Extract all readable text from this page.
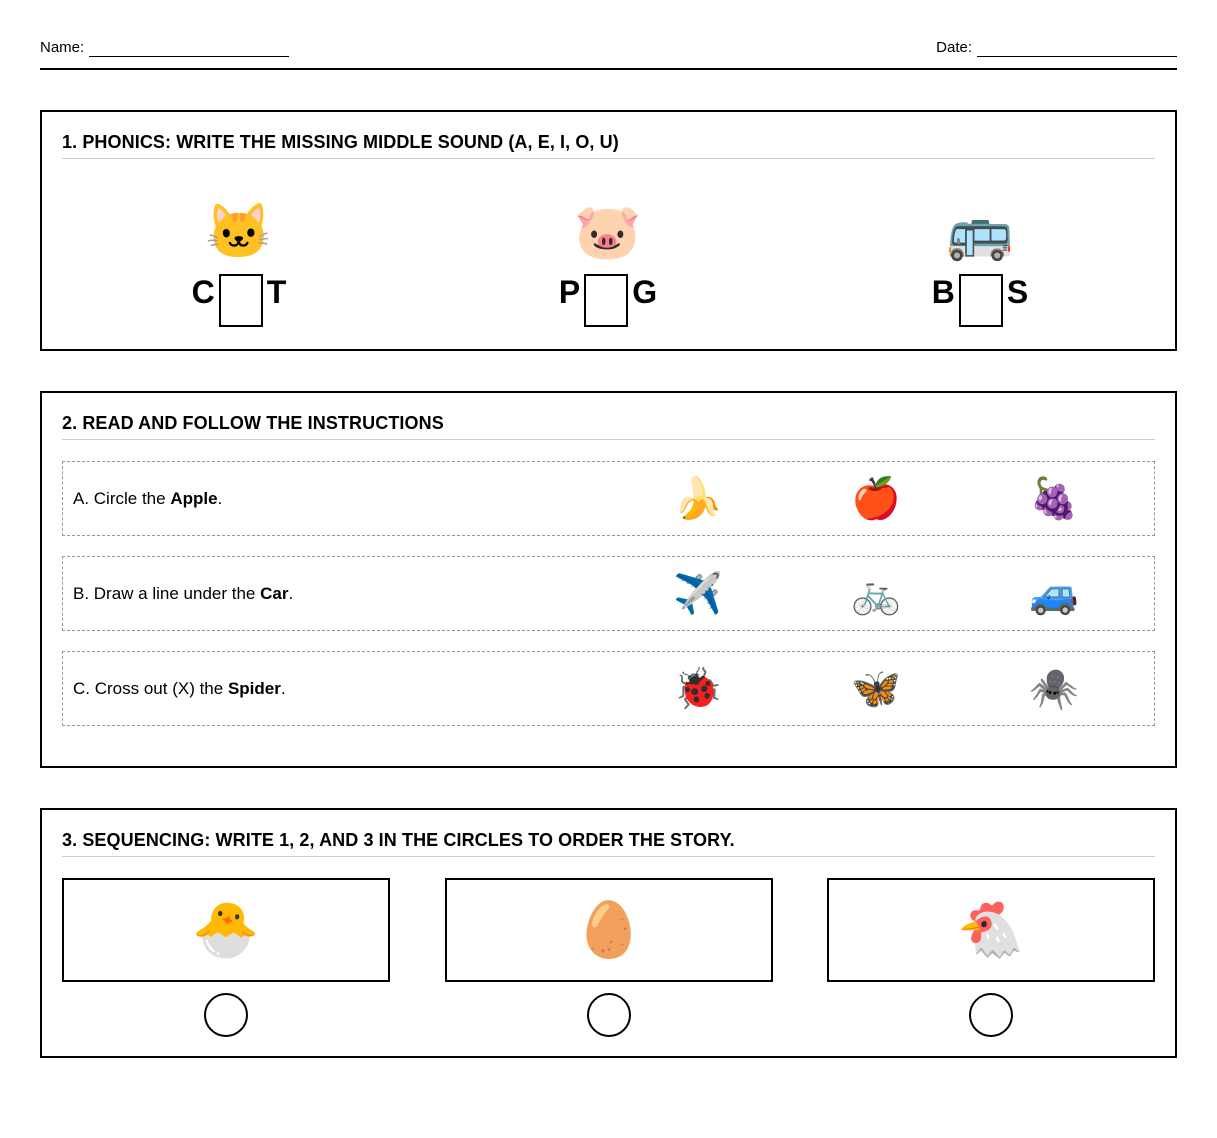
Name:	Date:
1. PHONICS: WRITE THE MISSING MIDDLE SOUND (A, E, I, O, U)
🐱
C T
🐷
P G
🚌
B S
2. READ AND FOLLOW THE INSTRUCTIONS
A. Circle the
Apple .	🍌	🍎	🍇
B. Draw a line under the
Car .	✈️	🚲	🚙
C. Cross out (X) the
Spider .	🐞	🦋	🕷️
3. SEQUENCING: WRITE 1, 2, AND 3 IN THE CIRCLES TO ORDER THE STORY.
🐣	🥚	🐔
